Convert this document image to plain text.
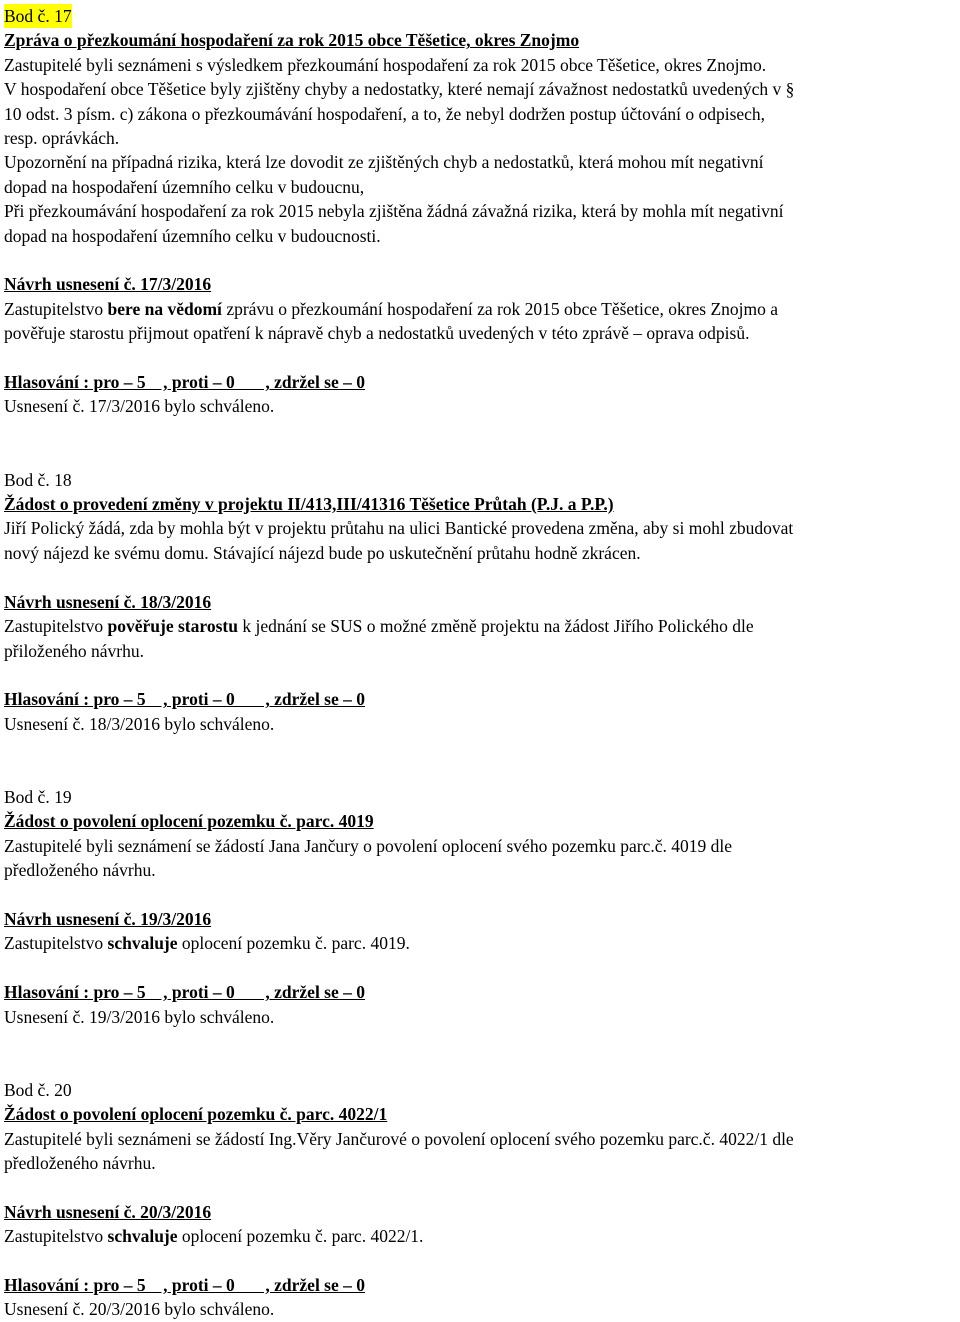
Bod č. 17
Zpráva o přezkoumání hospodaření za rok 2015 obce Těšetice, okres Znojmo
Zastupitelé byli seznámeni s výsledkem přezkoumání hospodaření za rok 2015 obce Těšetice, okres Znojmo.
V hospodaření obce Těšetice byly zjištěny chyby a nedostatky, které nemají závažnost nedostatků uvedených v §
10 odst. 3 písm. c) zákona o přezkoumávání hospodaření, a to, že nebyl dodržen postup účtování o odpisech,
resp. oprávkách.
Upozornění na případná rizika, která lze dovodit ze zjištěných chyb a nedostatků, která mohou mít negativní
dopad na hospodaření územního celku v budoucnu,
Při přezkoumávání hospodaření za rok 2015 nebyla zjištěna žádná závažná rizika, která by mohla mít negativní
dopad na hospodaření územního celku v budoucnosti.
Návrh usnesení č. 17/3/2016
Zastupitelstvo bere na vědomí zprávu o přezkoumání hospodaření za rok 2015 obce Těšetice, okres Znojmo a
pověřuje starostu přijmout opatření k nápravě chyb a nedostatků uvedených v této zprávě – oprava odpisů.
Hlasování : pro – 5    , proti – 0       , zdržel se – 0
Usnesení č. 17/3/2016 bylo schváleno.
Bod č. 18
Žádost o provedení změny v projektu II/413,III/41316 Těšetice Průtah (P.J. a P.P.)
Jiří Polický žádá, zda by mohla být v projektu průtahu na ulici Bantické provedena změna, aby si mohl zbudovat
nový nájezd ke svému domu. Stávající nájezd bude po uskutečnění průtahu hodně zkrácen.
Návrh usnesení č. 18/3/2016
Zastupitelstvo pověřuje starostu k jednání se SUS o možné změně projektu na žádost Jiřího Polického dle
přiloženého návrhu.
Hlasování : pro – 5    , proti – 0       , zdržel se – 0
Usnesení č. 18/3/2016 bylo schváleno.
Bod č. 19
Žádost o povolení oplocení pozemku č. parc. 4019
Zastupitelé byli seznámení se žádostí Jana Jančury o povolení oplocení svého pozemku parc.č. 4019 dle
předloženého návrhu.
Návrh usnesení č. 19/3/2016
Zastupitelstvo schvaluje oplocení pozemku č. parc. 4019.
Hlasování : pro – 5    , proti – 0       , zdržel se – 0
Usnesení č. 19/3/2016 bylo schváleno.
Bod č. 20
Žádost o povolení oplocení pozemku č. parc. 4022/1
Zastupitelé byli seznámeni se žádostí Ing.Věry Jančurové o povolení oplocení svého pozemku parc.č. 4022/1 dle
předloženého návrhu.
Návrh usnesení č. 20/3/2016
Zastupitelstvo schvaluje oplocení pozemku č. parc. 4022/1.
Hlasování : pro – 5    , proti – 0       , zdržel se – 0
Usnesení č. 20/3/2016 bylo schváleno.
